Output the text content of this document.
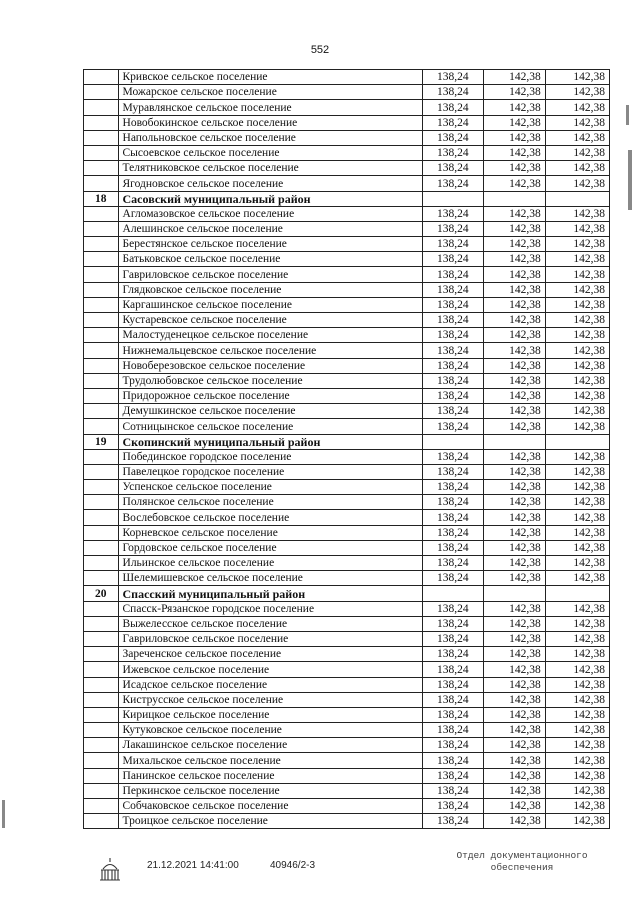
552
	Кривское сельское поселение	138,24	142,38	142,38
	Можарское сельское поселение	138,24	142,38	142,38
	Муравлянское сельское поселение	138,24	142,38	142,38
	Новобокинское сельское поселение	138,24	142,38	142,38
	Напольновское сельское поселение	138,24	142,38	142,38
	Сысоевское сельское поселение	138,24	142,38	142,38
	Телятниковское сельское поселение	138,24	142,38	142,38
	Ягодновское сельское поселение	138,24	142,38	142,38
18	Сасовский муниципальный район			
	Агломазовское сельское поселение	138,24	142,38	142,38
	Алешинское сельское поселение	138,24	142,38	142,38
	Берестянское сельское поселение	138,24	142,38	142,38
	Батьковское сельское поселение	138,24	142,38	142,38
	Гавриловское сельское поселение	138,24	142,38	142,38
	Глядковское сельское поселение	138,24	142,38	142,38
	Каргашинское сельское поселение	138,24	142,38	142,38
	Кустаревское сельское поселение	138,24	142,38	142,38
	Малостуденецкое сельское поселение	138,24	142,38	142,38
	Нижнемальцевское сельское поселение	138,24	142,38	142,38
	Новоберезовское сельское поселение	138,24	142,38	142,38
	Трудолюбовское сельское поселение	138,24	142,38	142,38
	Придорожное сельское поселение	138,24	142,38	142,38
	Демушкинское сельское поселение	138,24	142,38	142,38
	Сотницынское сельское поселение	138,24	142,38	142,38
19	Скопинский муниципальный район			
	Побединское городское поселение	138,24	142,38	142,38
	Павелецкое городское поселение	138,24	142,38	142,38
	Успенское сельское поселение	138,24	142,38	142,38
	Полянское сельское поселение	138,24	142,38	142,38
	Вослебовское сельское поселение	138,24	142,38	142,38
	Корневское сельское поселение	138,24	142,38	142,38
	Гордовское сельское поселение	138,24	142,38	142,38
	Ильинское сельское поселение	138,24	142,38	142,38
	Шелемишевское сельское поселение	138,24	142,38	142,38
20	Спасский муниципальный район			
	Спасск-Рязанское городское поселение	138,24	142,38	142,38
	Выжелесское сельское поселение	138,24	142,38	142,38
	Гавриловское сельское поселение	138,24	142,38	142,38
	Зареченское сельское поселение	138,24	142,38	142,38
	Ижевское сельское поселение	138,24	142,38	142,38
	Исадское сельское поселение	138,24	142,38	142,38
	Киструсское сельское поселение	138,24	142,38	142,38
	Кирицкое сельское поселение	138,24	142,38	142,38
	Кутуковское сельское поселение	138,24	142,38	142,38
	Лакашинское сельское поселение	138,24	142,38	142,38
	Михальское сельское поселение	138,24	142,38	142,38
	Панинское сельское поселение	138,24	142,38	142,38
	Перкинское сельское поселение	138,24	142,38	142,38
	Собчаковское сельское поселение	138,24	142,38	142,38
	Троицкое сельское поселение	138,24	142,38	142,38
21.12.2021 14:41:00	40946/2-3
Отдел документационного
обеспечения
